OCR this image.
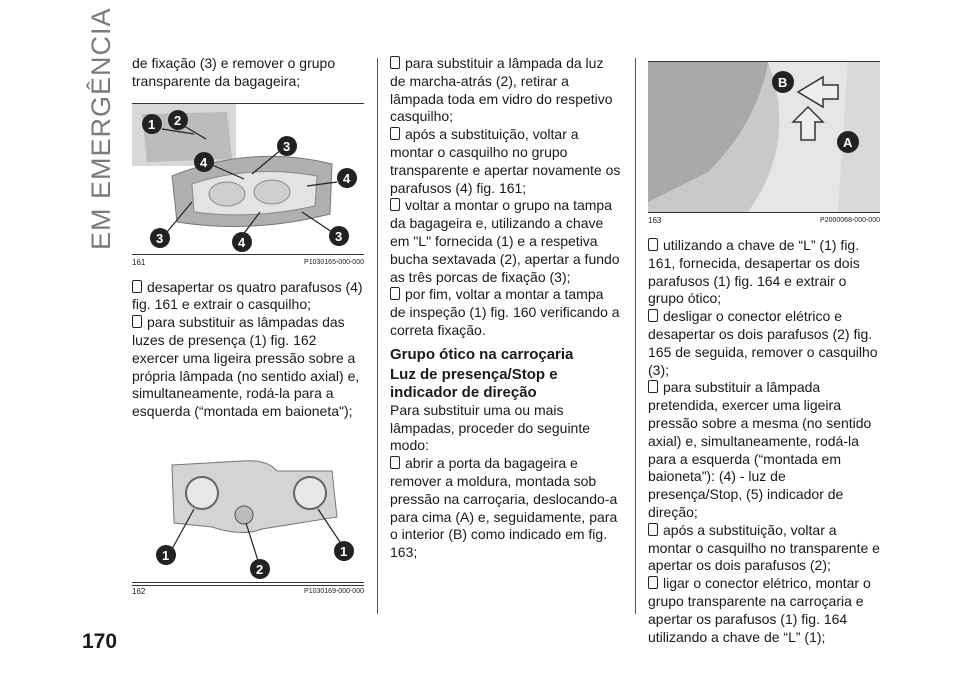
EM EMERGÊNCIA
170

de fixação (3) e remover o grupo transparente da bagageira;

1 2
3
4
4
3	4	3
161	P1030165-000-000

desapertar os quatro parafusos (4) fig. 161 e extrair o casquilho;

para substituir as lâmpadas das luzes de presença (1) fig. 162 exercer uma ligeira pressão sobre a própria lâmpada (no sentido axial) e, simultaneamente, rodá-la para a esquerda (“montada em baioneta");

1	1
2
162	P1030169-000-000

para substituir a lâmpada da luz de marcha-atrás (2), retirar a lâmpada toda em vidro do respetivo casquilho;

após a substituição, voltar a montar o casquilho no grupo transparente e apertar novamente os parafusos (4) fig. 161;

voltar a montar o grupo na tampa da bagageira e, utilizando a chave em "L" fornecida (1) e a respetiva bucha sextavada (2), apertar a fundo as três porcas de fixação (3);

por fim, voltar a montar a tampa de inspeção (1) fig. 160 verificando a correta fixação.

Grupo ótico na carroçaria

Luz de presença/Stop e indicador de direção

Para substituir uma ou mais lâmpadas, proceder do seguinte modo:

abrir a porta da bagageira e remover a moldura, montada sob pressão na carroçaria, deslocando-a para cima (A) e, seguidamente, para o interior (B) como indicado em fig. 163;

B
A
163	P2000068-000-000

utilizando a chave de “L” (1) fig. 161, fornecida, desapertar os dois parafusos (1) fig. 164 e extrair o grupo ótico;

desligar o conector elétrico e desapertar os dois parafusos (2) fig. 165 de seguida, remover o casquilho (3);

para substituir a lâmpada pretendida, exercer uma ligeira pressão sobre a mesma (no sentido axial) e, simultaneamente, rodá-la para a esquerda (“montada em baioneta”): (4) - luz de presença/Stop, (5) indicador de direção;

após a substituição, voltar a montar o casquilho no transparente e apertar os dois parafusos (2);

ligar o conector elétrico, montar o grupo transparente na carroçaria e apertar os parafusos (1) fig. 164 utilizando a chave de “L” (1);
